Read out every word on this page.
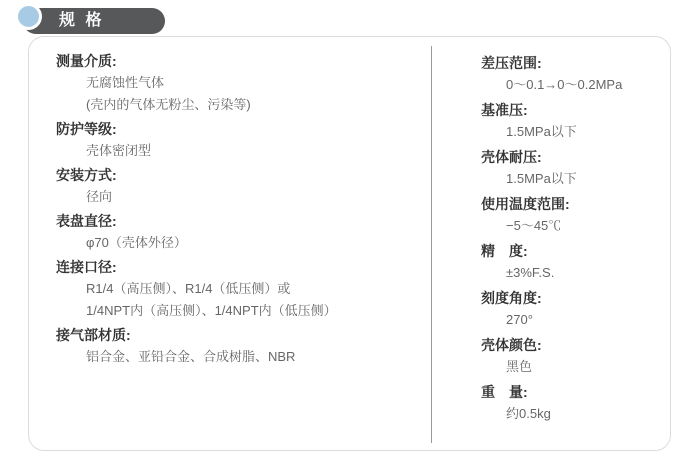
规 格
测量介质:
无腐蚀性气体
(壳内的气体无粉尘、污染等)
防护等级:
壳体密闭型
安装方式:
径向
表盘直径:
φ70（壳体外径）
连接口径:
R1/4（高压侧）、R1/4（低压侧）或
1/4NPT内（高压侧）、1/4NPT内（低压侧）
接气部材质:
铝合金、亚铅合金、合成树脂、NBR
差压范围:
0～0.1→0～0.2MPa
基准压:
1.5MPa以下
壳体耐压:
1.5MPa以下
使用温度范围:
−5～45℃
精　度:
±3%F.S.
刻度角度:
270°
壳体颜色:
黑色
重　量:
约0.5kg
